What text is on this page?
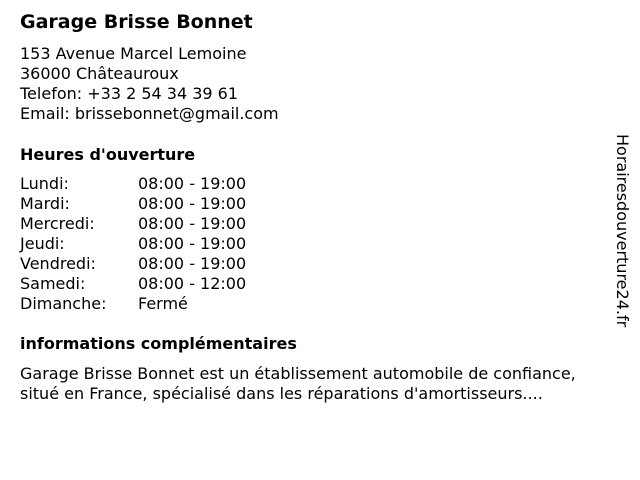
Garage Brisse Bonnet
153 Avenue Marcel Lemoine
36000 Châteauroux
Telefon: +33 2 54 34 39 61
Email: brissebonnet@gmail.com
Heures d'ouverture
Lundi:	08:00 - 19:00
Mardi:	08:00 - 19:00
Mercredi:	08:00 - 19:00
Jeudi:	08:00 - 19:00
Vendredi:	08:00 - 19:00
Samedi:	08:00 - 12:00
Dimanche:	Fermé
informations complémentaires
Garage Brisse Bonnet est un établissement automobile de confiance,
situé en France, spécialisé dans les réparations d'amortisseurs....
Horairesdouverture24.fr
